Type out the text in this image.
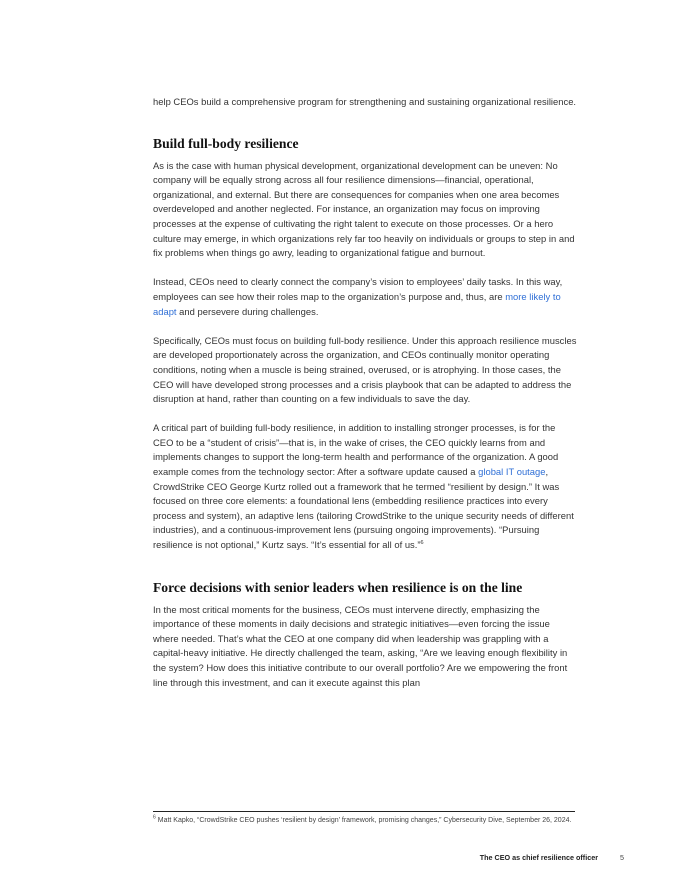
help CEOs build a comprehensive program for strengthening and sustaining organizational resilience.

Build full-body resilience

As is the case with human physical development, organizational development can be uneven: No company will be equally strong across all four resilience dimensions—financial, operational, organizational, and external. But there are consequences for companies when one area becomes overdeveloped and another neglected. For instance, an organization may focus on improving processes at the expense of cultivating the right talent to execute on those processes. Or a hero culture may emerge, in which organizations rely far too heavily on individuals or groups to step in and fix problems when things go awry, leading to organizational fatigue and burnout.

Instead, CEOs need to clearly connect the company’s vision to employees’ daily tasks. In this way, employees can see how their roles map to the organization’s purpose and, thus, are more likely to adapt and persevere during challenges.

Specifically, CEOs must focus on building full-body resilience. Under this approach resilience muscles are developed proportionately across the organization, and CEOs continually monitor operating conditions, noting when a muscle is being strained, overused, or is atrophying. In those cases, the CEO will have developed strong processes and a crisis playbook that can be adapted to address the disruption at hand, rather than counting on a few individuals to save the day.

A critical part of building full-body resilience, in addition to installing stronger processes, is for the CEO to be a “student of crisis”—that is, in the wake of crises, the CEO quickly learns from and implements changes to support the long-term health and performance of the organization. A good example comes from the technology sector: After a software update caused a global IT outage, CrowdStrike CEO George Kurtz rolled out a framework that he termed “resilient by design.” It was focused on three core elements: a foundational lens (embedding resilience practices into every process and system), an adaptive lens (tailoring CrowdStrike to the unique security needs of different industries), and a continuous-improvement lens (pursuing ongoing improvements). “Pursuing resilience is not optional,” Kurtz says. “It’s essential for all of us.”$^6$

Force decisions with senior leaders when resilience is on the line

In the most critical moments for the business, CEOs must intervene directly, emphasizing the importance of these moments in daily decisions and strategic initiatives—even forcing the issue where needed. That’s what the CEO at one company did when leadership was grappling with a capital-heavy initiative. He directly challenged the team, asking, “Are we leaving enough flexibility in the system? How does this initiative contribute to our overall portfolio? Are we empowering the front line through this investment, and can it execute against this plan

$^6$ Matt Kapko, “CrowdStrike CEO pushes ‘resilient by design’ framework, promising changes,” Cybersecurity Dive, September 26, 2024.
The CEO as chief resilience officer	5
